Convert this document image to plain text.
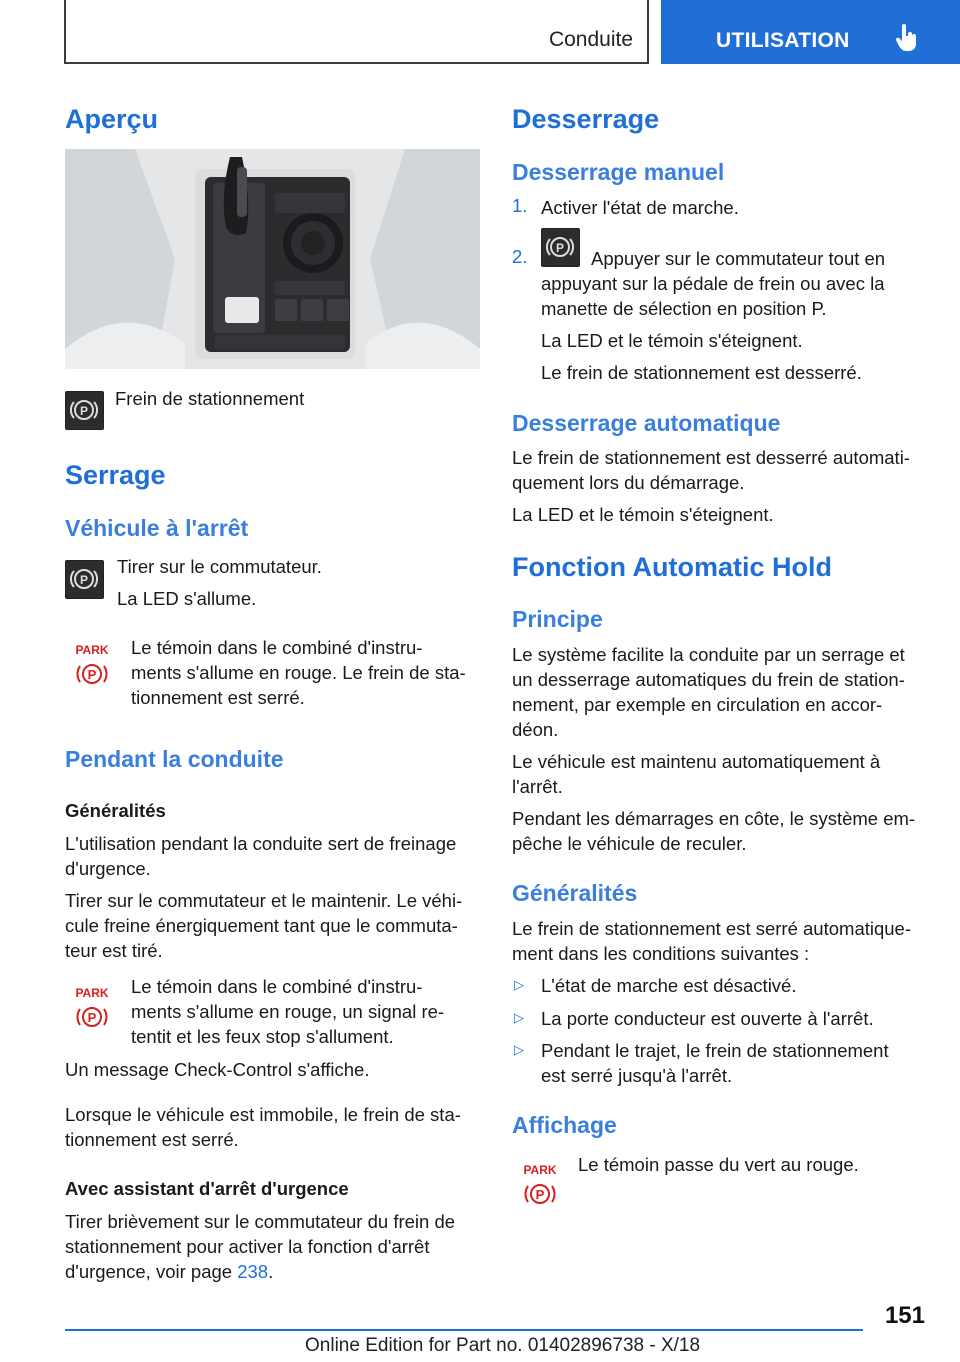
Conduite	UTILISATION
Aperçu
P
Frein de stationnement
Serrage
Véhicule à l'arrêt
P
Tirer sur le commutateur.
La LED s'allume.
PARK
P
Le témoin dans le combiné d'instru-
ments s'allume en rouge. Le frein de sta-
tionnement est serré.
Pendant la conduite
Généralités
L'utilisation pendant la conduite sert de freinage
d'urgence.
Tirer sur le commutateur et le maintenir. Le véhi-
cule freine énergiquement tant que le commuta-
teur est tiré.
PARK
P
Le témoin dans le combiné d'instru-
ments s'allume en rouge, un signal re-
tentit et les feux stop s'allument.
Un message Check-Control s'affiche.
Lorsque le véhicule est immobile, le frein de sta-
tionnement est serré.
Avec assistant d'arrêt d'urgence
Tirer brièvement sur le commutateur du frein de
stationnement pour activer la fonction d'arrêt
d'urgence, voir page 238.
Desserrage
Desserrage manuel
1. Activer l'état de marche.
2. P Appuyer sur le commutateur tout en
appuyant sur la pédale de frein ou avec la
manette de sélection en position P.
La LED et le témoin s'éteignent.
Le frein de stationnement est desserré.
Desserrage automatique
Le frein de stationnement est desserré automati-
quement lors du démarrage.
La LED et le témoin s'éteignent.
Fonction Automatic Hold
Principe
Le système facilite la conduite par un serrage et
un desserrage automatiques du frein de station-
nement, par exemple en circulation en accor-
déon.
Le véhicule est maintenu automatiquement à
l'arrêt.
Pendant les démarrages en côte, le système em-
pêche le véhicule de reculer.
Généralités
Le frein de stationnement est serré automatique-
ment dans les conditions suivantes :
▷ L'état de marche est désactivé.
▷ La porte conducteur est ouverte à l'arrêt.
▷ Pendant le trajet, le frein de stationnement
est serré jusqu'à l'arrêt.
Affichage
PARK
P
Le témoin passe du vert au rouge.
151
Online Edition for Part no. 01402896738 - X/18
